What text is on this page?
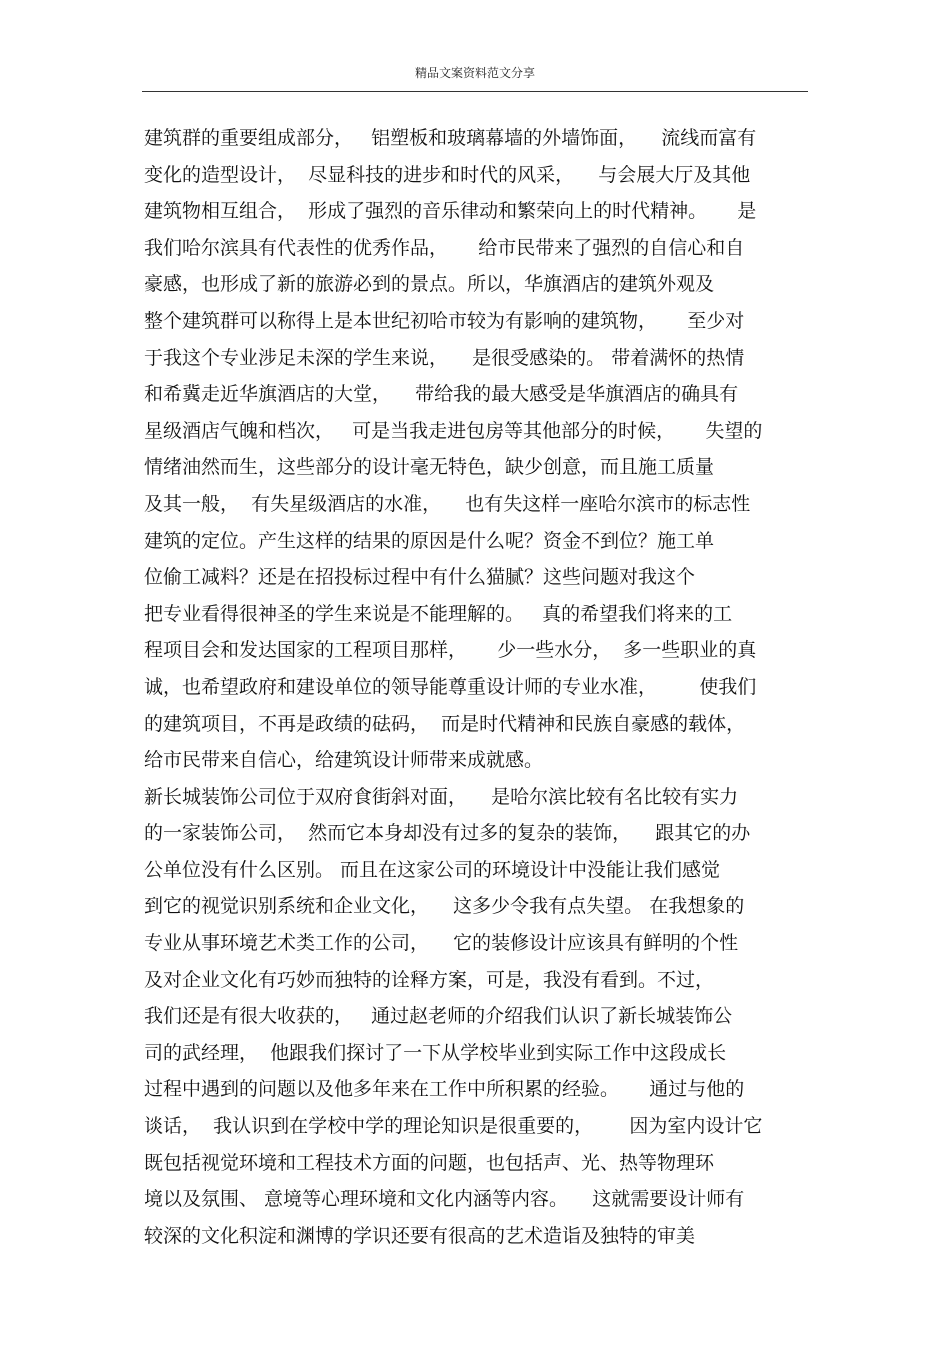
精品文案资料范文分享
建筑群的重要组成部分，   铝塑板和玻璃幕墙的外墙饰面，    流线而富有
变化的造型设计，  尽显科技的进步和时代的风采，    与会展大厅及其他
建筑物相互组合，  形成了强烈的音乐律动和繁荣向上的时代精神。     是
我们哈尔滨具有代表性的优秀作品，     给市民带来了强烈的自信心和自
豪感，也形成了新的旅游必到的景点。所以，华旗酒店的建筑外观及
整个建筑群可以称得上是本世纪初哈市较为有影响的建筑物，     至少对
于我这个专业涉足未深的学生来说，    是很受感染的。 带着满怀的热情
和希冀走近华旗酒店的大堂，    带给我的最大感受是华旗酒店的确具有
星级酒店气魄和档次，   可是当我走进包房等其他部分的时候，     失望的
情绪油然而生，这些部分的设计毫无特色，缺少创意，而且施工质量
及其一般，  有失星级酒店的水准，    也有失这样一座哈尔滨市的标志性
建筑的定位。产生这样的结果的原因是什么呢？资金不到位？施工单
位偷工减料？还是在招投标过程中有什么猫腻？这些问题对我这个
把专业看得很神圣的学生来说是不能理解的。   真的希望我们将来的工
程项目会和发达国家的工程项目那样，     少一些水分，  多一些职业的真
诚，也希望政府和建设单位的领导能尊重设计师的专业水准，       使我们
的建筑项目，不再是政绩的砝码，  而是时代精神和民族自豪感的载体，
给市民带来自信心，给建筑设计师带来成就感。
新长城装饰公司位于双府食街斜对面，    是哈尔滨比较有名比较有实力
的一家装饰公司，  然而它本身却没有过多的复杂的装饰，    跟其它的办
公单位没有什么区别。 而且在这家公司的环境设计中没能让我们感觉
到它的视觉识别系统和企业文化，    这多少令我有点失望。 在我想象的
专业从事环境艺术类工作的公司，    它的装修设计应该具有鲜明的个性
及对企业文化有巧妙而独特的诠释方案，可是，我没有看到。不过，
我们还是有很大收获的，   通过赵老师的介绍我们认识了新长城装饰公
司的武经理，  他跟我们探讨了一下从学校毕业到实际工作中这段成长
过程中遇到的问题以及他多年来在工作中所积累的经验。     通过与他的
谈话，  我认识到在学校中学的理论知识是很重要的，      因为室内设计它
既包括视觉环境和工程技术方面的问题，也包括声、光、热等物理环
境以及氛围、 意境等心理环境和文化内涵等内容。    这就需要设计师有
较深的文化积淀和渊博的学识还要有很高的艺术造诣及独特的审美
